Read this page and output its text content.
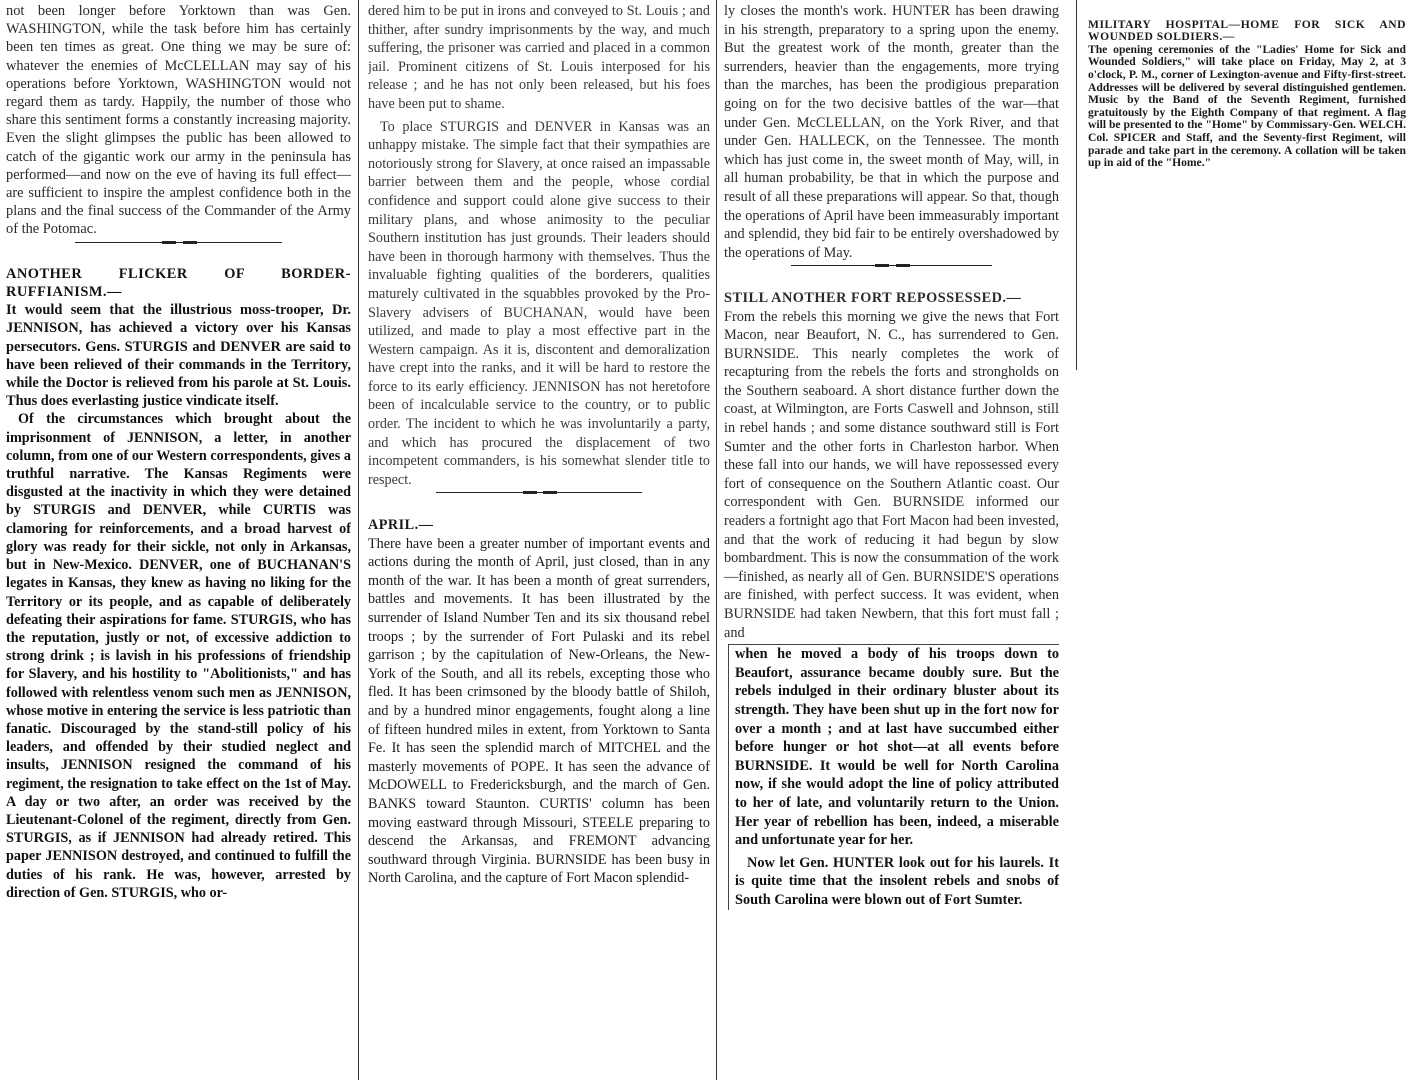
not been longer before Yorktown than was Gen. WASHINGTON, while the task before him has certainly been ten times as great. One thing we may be sure of: whatever the enemies of McCLELLAN may say of his operations before Yorktown, WASHINGTON would not regard them as tardy. Happily, the number of those who share this sentiment forms a constantly increasing majority. Even the slight glimpses the public has been allowed to catch of the gigantic work our army in the peninsula has performed—and now on the eve of having its full effect—are sufficient to inspire the amplest confidence both in the plans and the final success of the Commander of the Army of the Potomac.

ANOTHER FLICKER OF BORDER-RUFFIANISM.—
It would seem that the illustrious moss-trooper, Dr. JENNISON, has achieved a victory over his Kansas persecutors. Gens. STURGIS and DENVER are said to have been relieved of their commands in the Territory, while the Doctor is relieved from his parole at St. Louis. Thus does everlasting justice vindicate itself.

Of the circumstances which brought about the imprisonment of JENNISON, a letter, in another column, from one of our Western correspondents, gives a truthful narrative. The Kansas Regiments were disgusted at the inactivity in which they were detained by STURGIS and DENVER, while CURTIS was clamoring for reinforcements, and a broad harvest of glory was ready for their sickle, not only in Arkansas, but in New-Mexico. DENVER, one of BUCHANAN'S legates in Kansas, they knew as having no liking for the Territory or its people, and as capable of deliberately defeating their aspirations for fame. STURGIS, who has the reputation, justly or not, of excessive addiction to strong drink ; is lavish in his professions of friendship for Slavery, and his hostility to "Abolitionists," and has followed with relentless venom such men as JENNISON, whose motive in entering the service is less patriotic than fanatic. Discouraged by the stand-still policy of his leaders, and offended by their studied neglect and insults, JENNISON resigned the command of his regiment, the resignation to take effect on the 1st of May. A day or two after, an order was received by the Lieutenant-Colonel of the regiment, directly from Gen. STURGIS, as if JENNISON had already retired. This paper JENNISON destroyed, and continued to fulfill the duties of his rank. He was, however, arrested by direction of Gen. STURGIS, who or-

dered him to be put in irons and conveyed to St. Louis ; and thither, after sundry imprisonments by the way, and much suffering, the prisoner was carried and placed in a common jail. Prominent citizens of St. Louis interposed for his release ; and he has not only been released, but his foes have been put to shame.

To place STURGIS and DENVER in Kansas was an unhappy mistake. The simple fact that their sympathies are notoriously strong for Slavery, at once raised an impassable barrier between them and the people, whose cordial confidence and support could alone give success to their military plans, and whose animosity to the peculiar Southern institution has just grounds. Their leaders should have been in thorough harmony with themselves. Thus the invaluable fighting qualities of the borderers, qualities maturely cultivated in the squabbles provoked by the Pro-Slavery advisers of BUCHANAN, would have been utilized, and made to play a most effective part in the Western campaign. As it is, discontent and demoralization have crept into the ranks, and it will be hard to restore the force to its early efficiency. JENNISON has not heretofore been of incalculable service to the country, or to public order. The incident to which he was involuntarily a party, and which has procured the displacement of two incompetent commanders, is his somewhat slender title to respect.

APRIL.—
There have been a greater number of important events and actions during the month of April, just closed, than in any month of the war. It has been a month of great surrenders, battles and movements. It has been illustrated by the surrender of Island Number Ten and its six thousand rebel troops ; by the surrender of Fort Pulaski and its rebel garrison ; by the capitulation of New-Orleans, the New-York of the South, and all its rebels, excepting those who fled. It has been crimsoned by the bloody battle of Shiloh, and by a hundred minor engagements, fought along a line of fifteen hundred miles in extent, from Yorktown to Santa Fe. It has seen the splendid march of MITCHEL and the masterly movements of POPE. It has seen the advance of McDOWELL to Fredericksburgh, and the march of Gen. BANKS toward Staunton. CURTIS' column has been moving eastward through Missouri, STEELE preparing to descend the Arkansas, and FREMONT advancing southward through Virginia. BURNSIDE has been busy in North Carolina, and the capture of Fort Macon splendid-

ly closes the month's work. HUNTER has been drawing in his strength, preparatory to a spring upon the enemy. But the greatest work of the month, greater than the surrenders, heavier than the engagements, more trying than the marches, has been the prodigious preparation going on for the two decisive battles of the war—that under Gen. McCLELLAN, on the York River, and that under Gen. HALLECK, on the Tennessee. The month which has just come in, the sweet month of May, will, in all human probability, be that in which the purpose and result of all these preparations will appear. So that, though the operations of April have been immeasurably important and splendid, they bid fair to be entirely overshadowed by the operations of May.

STILL ANOTHER FORT REPOSSESSED.—
From the rebels this morning we give the news that Fort Macon, near Beaufort, N. C., has surrendered to Gen. BURNSIDE. This nearly completes the work of recapturing from the rebels the forts and strongholds on the Southern seaboard. A short distance further down the coast, at Wilmington, are Forts Caswell and Johnson, still in rebel hands ; and some distance southward still is Fort Sumter and the other forts in Charleston harbor. When these fall into our hands, we will have repossessed every fort of consequence on the Southern Atlantic coast. Our correspondent with Gen. BURNSIDE informed our readers a fortnight ago that Fort Macon had been invested, and that the work of reducing it had begun by slow bombardment. This is now the consummation of the work—finished, as nearly all of Gen. BURNSIDE'S operations are finished, with perfect success. It was evident, when BURNSIDE had taken Newbern, that this fort must fall ; and

when he moved a body of his troops down to Beaufort, assurance became doubly sure. But the rebels indulged in their ordinary bluster about its strength. They have been shut up in the fort now for over a month ; and at last have succumbed either before hunger or hot shot—at all events before BURNSIDE. It would be well for North Carolina now, if she would adopt the line of policy attributed to her of late, and voluntarily return to the Union. Her year of rebellion has been, indeed, a miserable and unfortunate year for her.

Now let Gen. HUNTER look out for his laurels. It is quite time that the insolent rebels and snobs of South Carolina were blown out of Fort Sumter.

MILITARY HOSPITAL—HOME FOR SICK AND WOUNDED SOLDIERS.—
The opening ceremonies of the "Ladies' Home for Sick and Wounded Soldiers," will take place on Friday, May 2, at 3 o'clock, P. M., corner of Lexington-avenue and Fifty-first-street. Addresses will be delivered by several distinguished gentlemen. Music by the Band of the Seventh Regiment, furnished gratuitously by the Eighth Company of that regiment. A flag will be presented to the "Home" by Commissary-Gen. WELCH. Col. SPICER and Staff, and the Seventy-first Regiment, will parade and take part in the ceremony. A collation will be taken up in aid of the "Home."
